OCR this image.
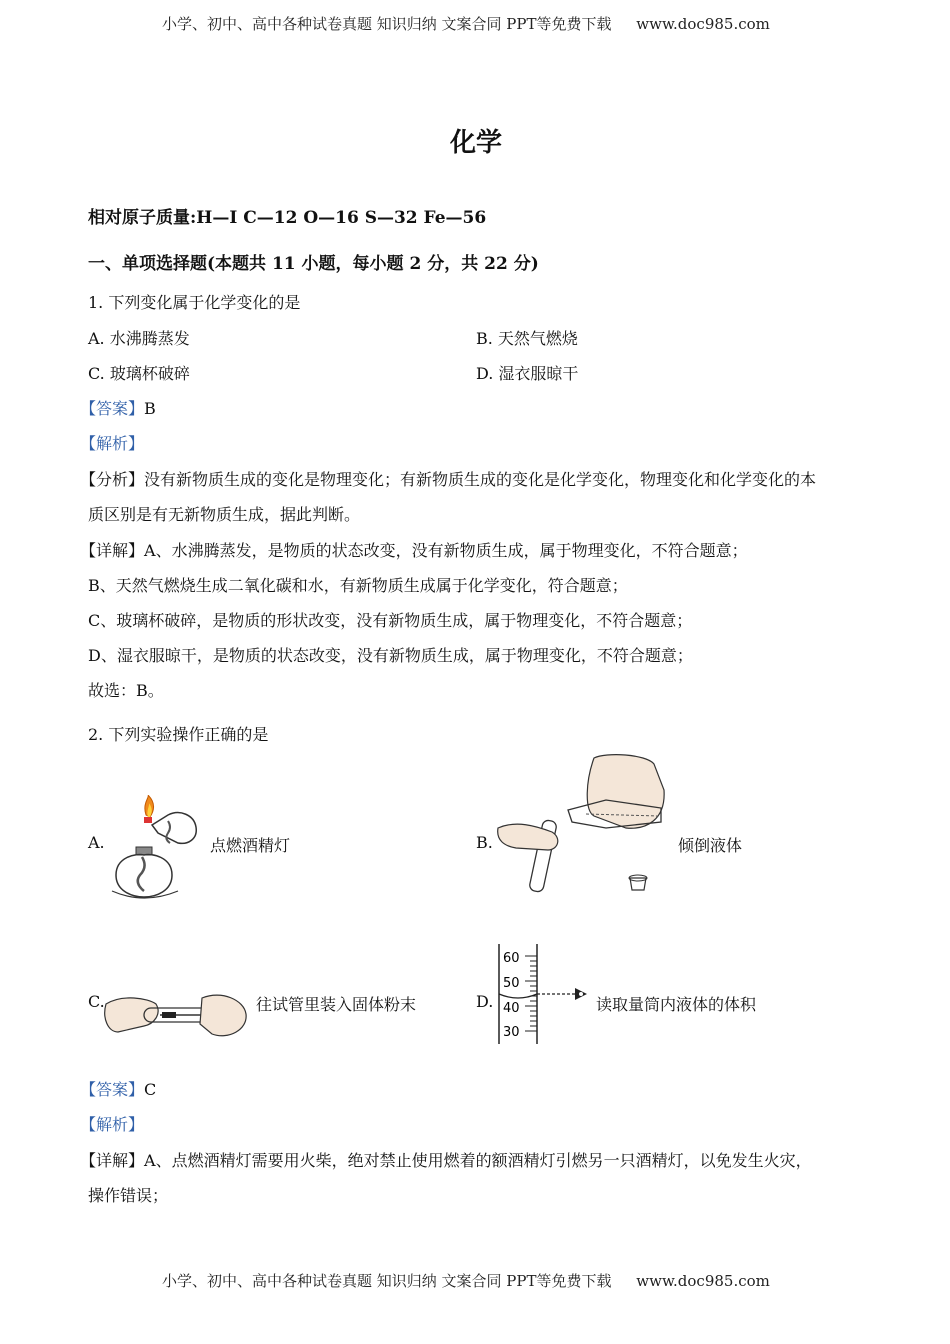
小学、初中、高中各种试卷真题 知识归纳 文案合同 PPT等免费下载 www.doc985.com
化学
相对原子质量:H—I C—12 O—16 S—32 Fe—56
一、单项选择题(本题共 11 小题，每小题 2 分，共 22 分)
1. 下列变化属于化学变化的是
A. 水沸腾蒸发	B. 天然气燃烧
C. 玻璃杯破碎	D. 湿衣服晾干
【答案】B
【解析】
【分析】没有新物质生成的变化是物理变化；有新物质生成的变化是化学变化，物理变化和化学变化的本
质区别是有无新物质生成，据此判断。
【详解】A、水沸腾蒸发，是物质的状态改变，没有新物质生成，属于物理变化，不符合题意；
B、天然气燃烧生成二氧化碳和水，有新物质生成属于化学变化，符合题意；
C、玻璃杯破碎，是物质的形状改变，没有新物质生成，属于物理变化，不符合题意；
D、湿衣服晾干，是物质的状态改变，没有新物质生成，属于物理变化，不符合题意；
故选：B。
2. 下列实验操作正确的是
A.	点燃酒精灯	B.	倾倒液体
C.	往试管里装入固体粉末	D.
60
50
40
30
读取量筒内液体的体积
【答案】C
【解析】
【详解】A、点燃酒精灯需要用火柴，绝对禁止使用燃着的额酒精灯引燃另一只酒精灯，以免发生火灾，
操作错误；
小学、初中、高中各种试卷真题 知识归纳 文案合同 PPT等免费下载 www.doc985.com
